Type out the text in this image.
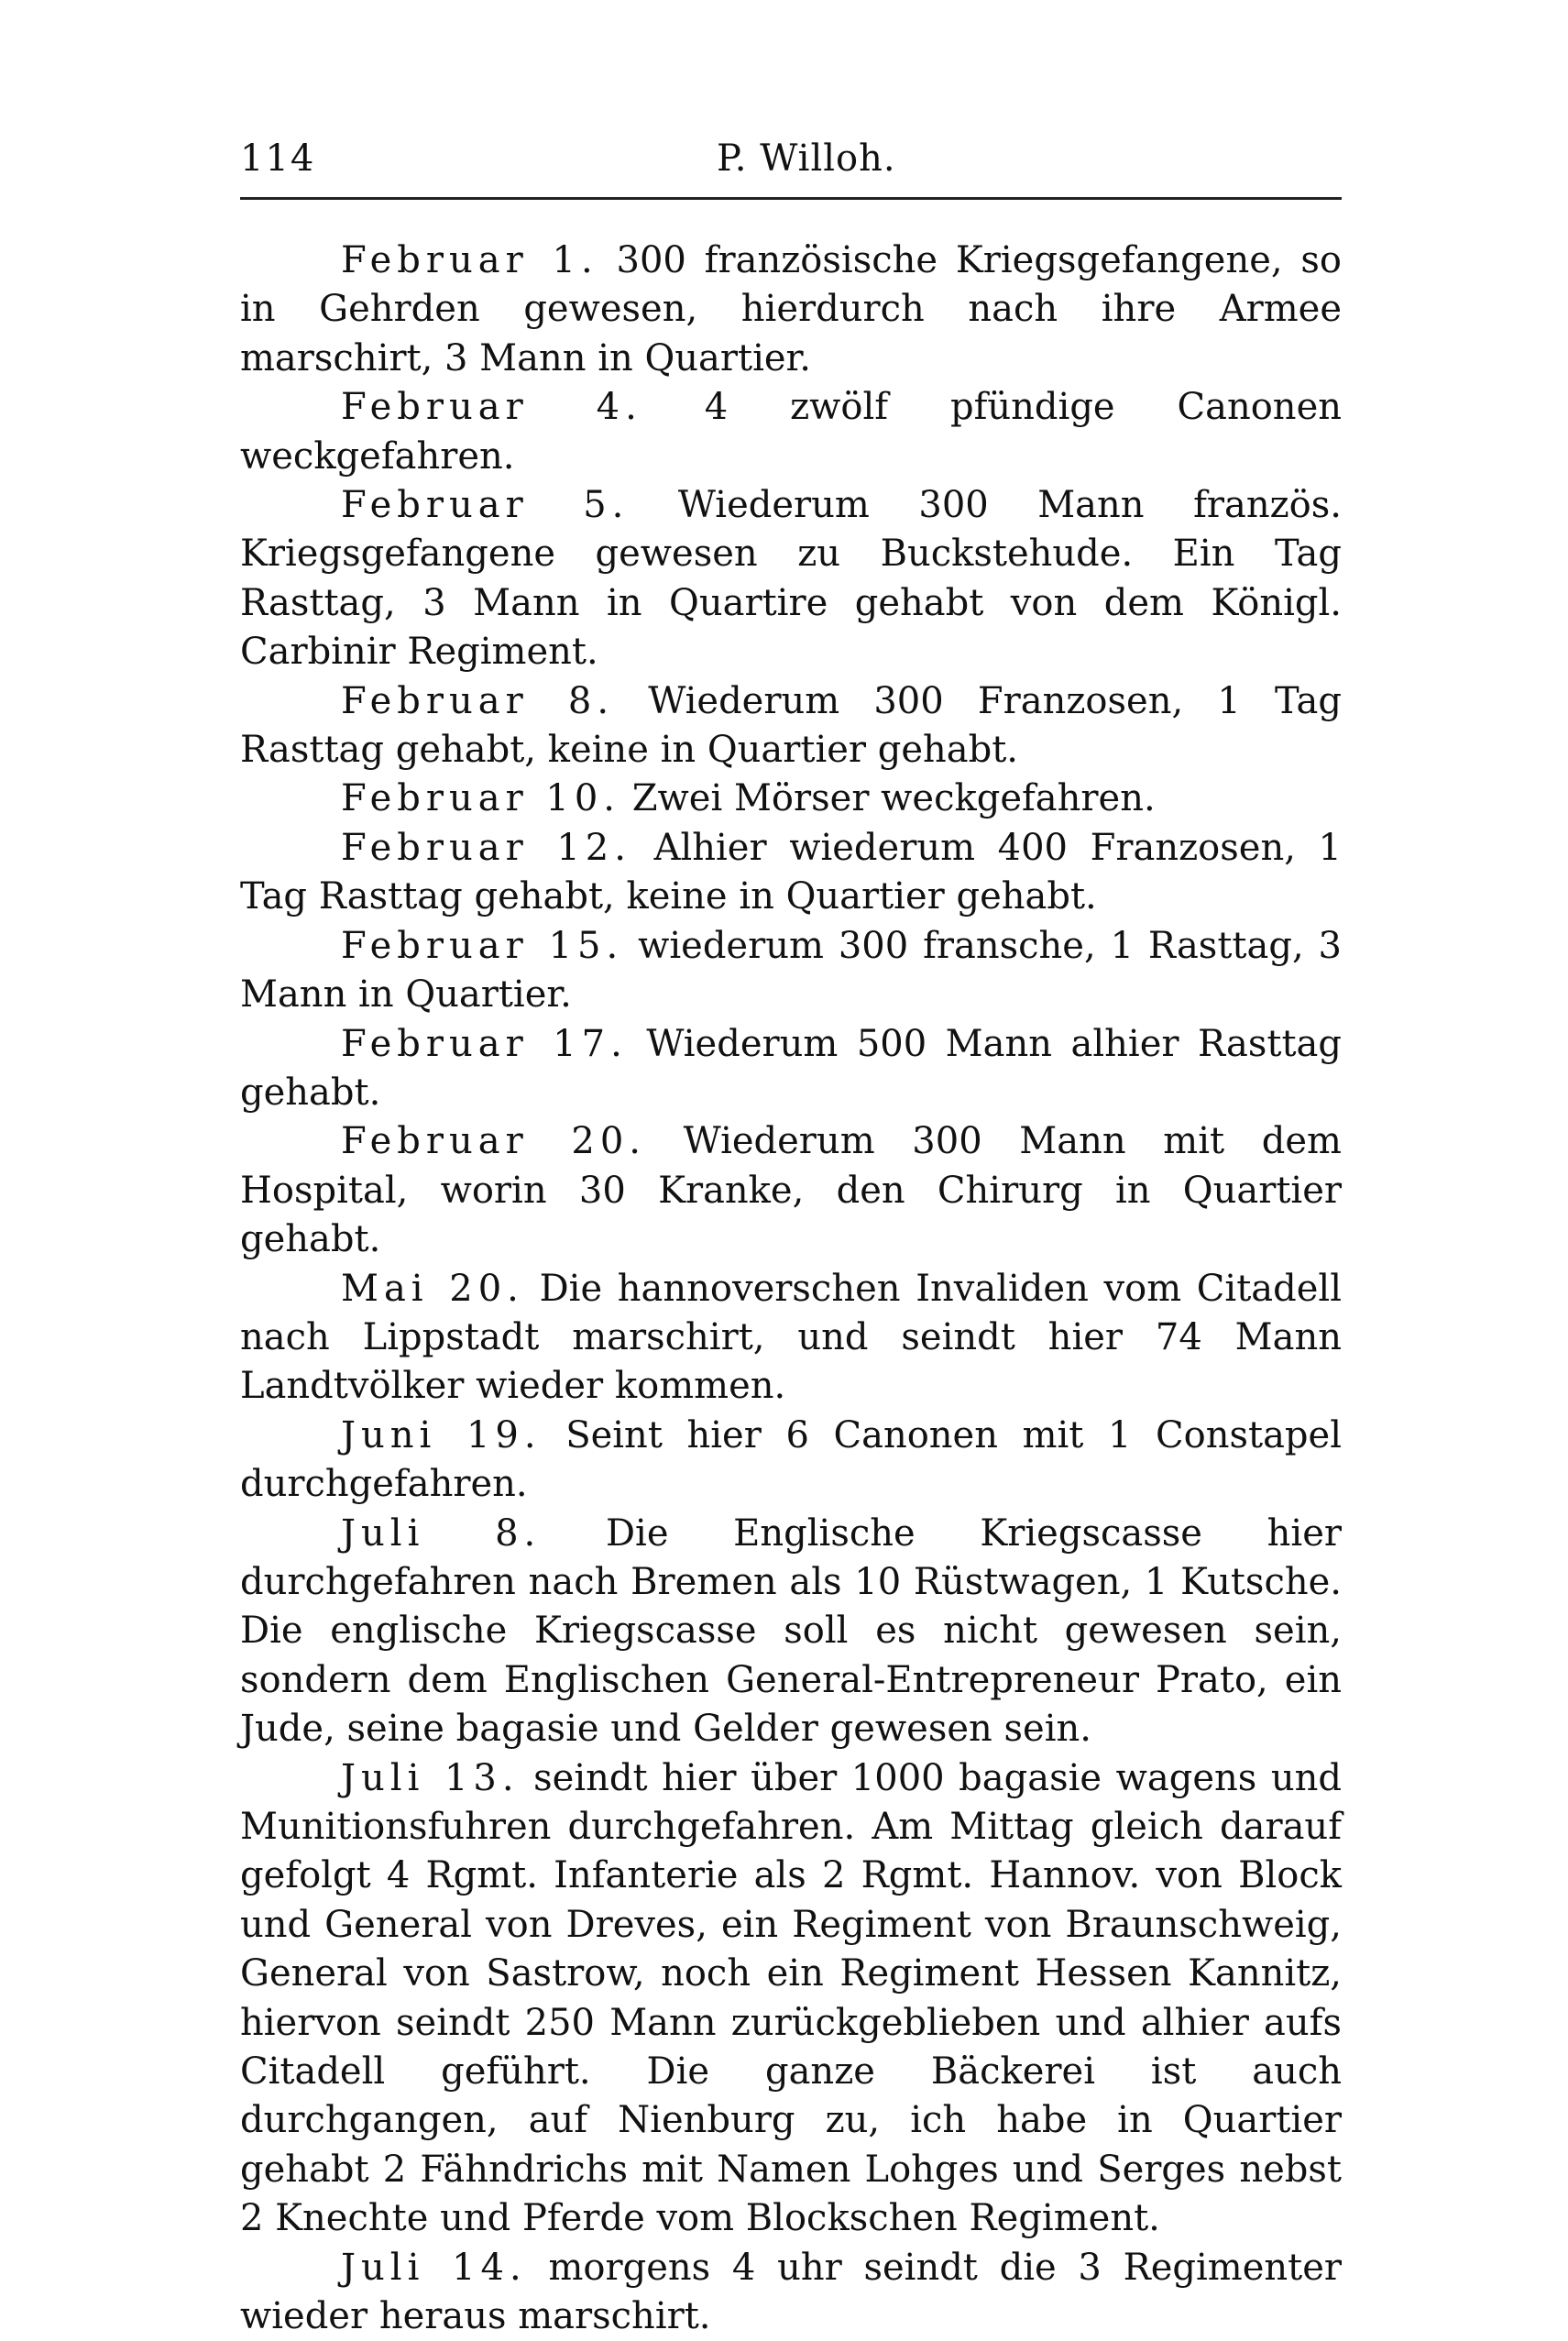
114	P. Willoh.

Februar 1. 300 französische Kriegsgefangene, so in Gehrden gewesen, hierdurch nach ihre Armee marschirt, 3 Mann in Quartier.

Februar 4. 4 zwölf pfündige Canonen weckgefahren.

Februar 5. Wiederum 300 Mann französ. Kriegsgefangene gewesen zu Buckstehude. Ein Tag Rasttag, 3 Mann in Quartire gehabt von dem Königl. Carbinir Regiment.

Februar 8. Wiederum 300 Franzosen, 1 Tag Rasttag gehabt, keine in Quartier gehabt.

Februar 10. Zwei Mörser weckgefahren.

Februar 12. Alhier wiederum 400 Franzosen, 1 Tag Rasttag gehabt, keine in Quartier gehabt.

Februar 15. wiederum 300 fransche, 1 Rasttag, 3 Mann in Quartier.

Februar 17. Wiederum 500 Mann alhier Rasttag gehabt.

Februar 20. Wiederum 300 Mann mit dem Hospital, worin 30 Kranke, den Chirurg in Quartier gehabt.

Mai 20. Die hannoverschen Invaliden vom Citadell nach Lippstadt marschirt, und seindt hier 74 Mann Landtvölker wieder kommen.

Juni 19. Seint hier 6 Canonen mit 1 Constapel durchgefahren.

Juli 8. Die Englische Kriegscasse hier durchgefahren nach Bremen als 10 Rüstwagen, 1 Kutsche. Die englische Kriegscasse soll es nicht gewesen sein, sondern dem Englischen General-Entrepreneur Prato, ein Jude, seine bagasie und Gelder gewesen sein.

Juli 13. seindt hier über 1000 bagasie wagens und Munitionsfuhren durchgefahren. Am Mittag gleich darauf gefolgt 4 Rgmt. Infanterie als 2 Rgmt. Hannov. von Block und General von Dreves, ein Regiment von Braunschweig, General von Sastrow, noch ein Regiment Hessen Kannitz, hiervon seindt 250 Mann zurückgeblieben und alhier aufs Citadell geführt. Die ganze Bäckerei ist auch durchgangen, auf Nienburg zu, ich habe in Quartier gehabt 2 Fähndrichs mit Namen Lohges und Serges nebst 2 Knechte und Pferde vom Blockschen Regiment.

Juli 14. morgens 4 uhr seindt die 3 Regimenter wieder heraus marschirt.
